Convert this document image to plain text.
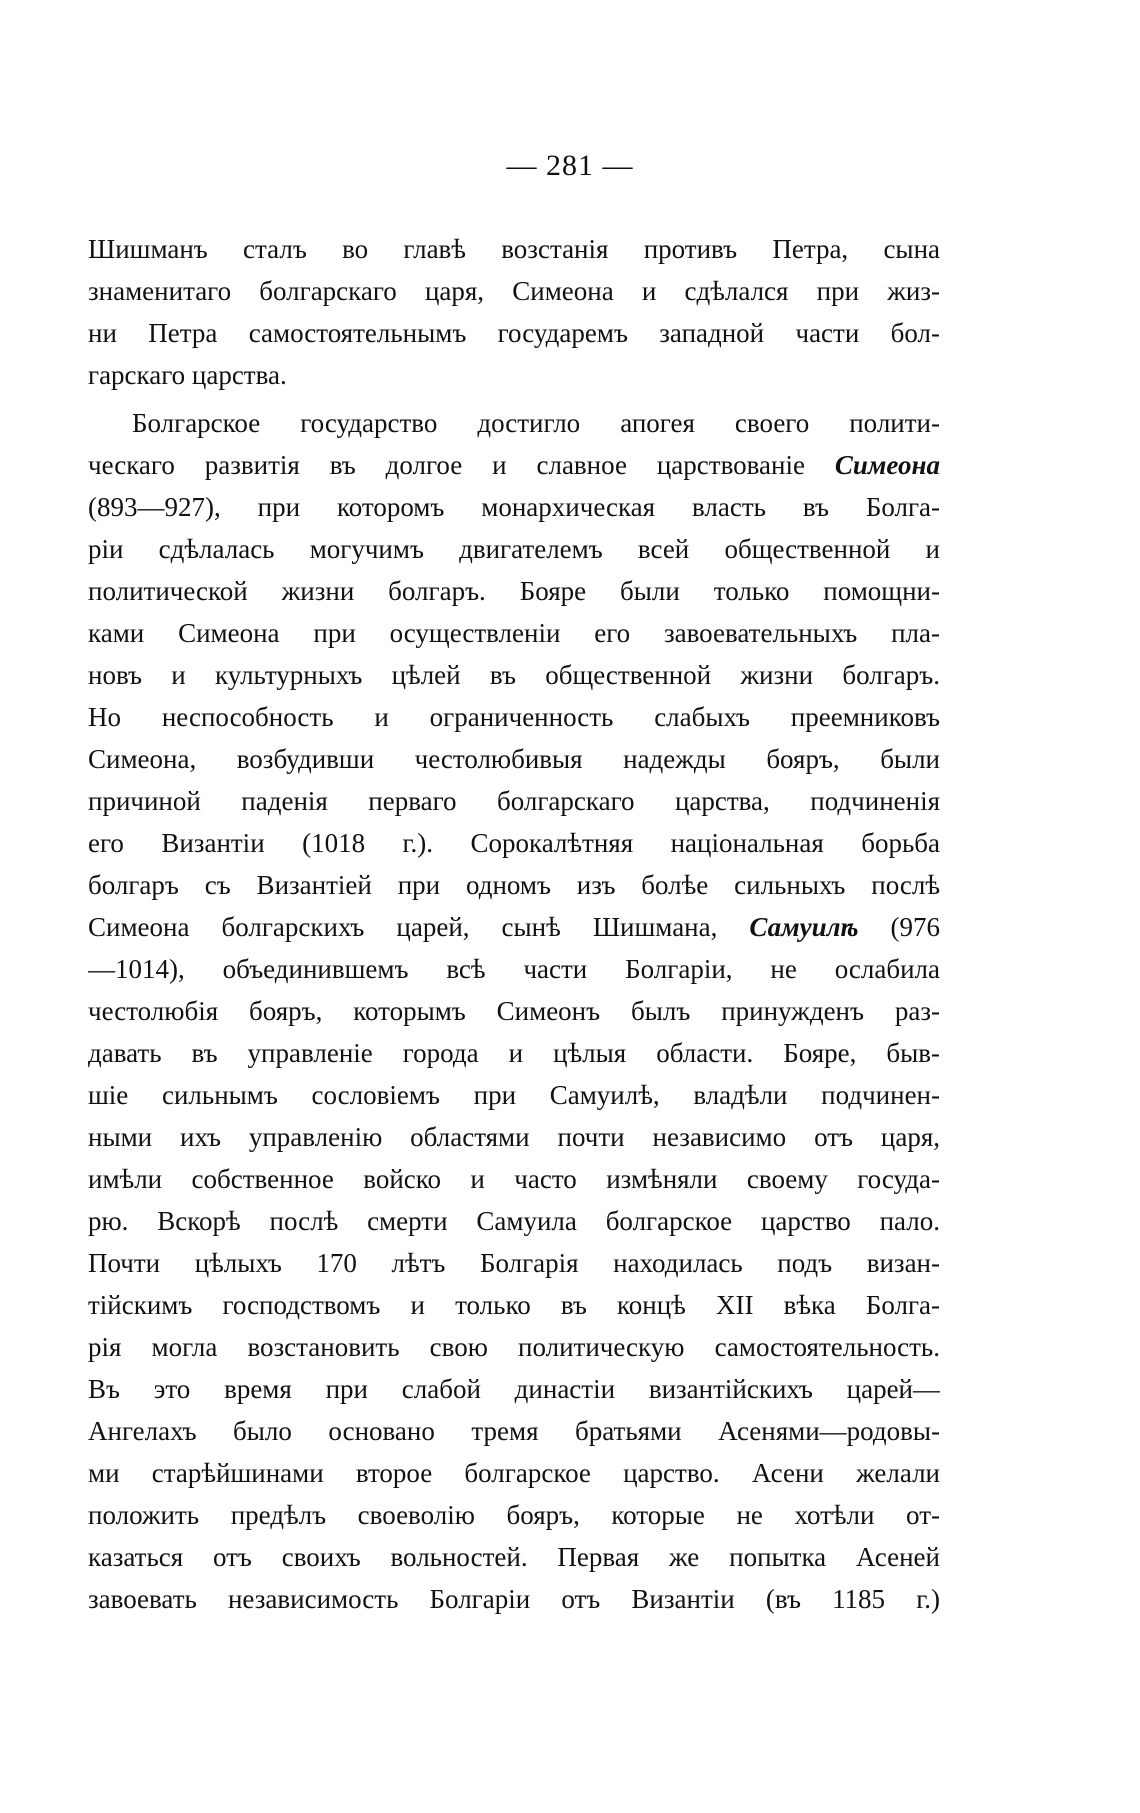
— 281 —
Шишманъ сталъ во главѣ возстанія противъ Петра, сына
знаменитаго болгарскаго царя, Симеона и сдѣлался при жиз-
ни Петра самостоятельнымъ государемъ западной части бол-
гарскаго царства.
Болгарское государство достигло апогея своего полити-
ческаго развитія въ долгое и славное царствованіе Симеона
(893—927), при которомъ монархическая власть въ Болга-
ріи сдѣлалась могучимъ двигателемъ всей общественной и
политической жизни болгаръ. Бояре были только помощни-
ками Симеона при осуществленіи его завоевательныхъ пла-
новъ и культурныхъ цѣлей въ общественной жизни болгаръ.
Но неспособность и ограниченность слабыхъ преемниковъ
Симеона, возбудивши честолюбивыя надежды бояръ, были
причиной паденія перваго болгарскаго царства, подчиненія
его Византіи (1018 г.). Сорокалѣтняя національная борьба
болгаръ съ Византіей при одномъ изъ болѣе сильныхъ послѣ
Симеона болгарскихъ царей, сынѣ Шишмана, Самуилѣ (976
—1014), объединившемъ всѣ части Болгаріи, не ослабила
честолюбія бояръ, которымъ Симеонъ былъ принужденъ раз-
давать въ управленіе города и цѣлыя области. Бояре, быв-
шіе сильнымъ сословіемъ при Самуилѣ, владѣли подчинен-
ными ихъ управленію областями почти независимо отъ царя,
имѣли собственное войско и часто измѣняли своему госуда-
рю. Вскорѣ послѣ смерти Самуила болгарское царство пало.
Почти цѣлыхъ 170 лѣтъ Болгарія находилась подъ визан-
тійскимъ господствомъ и только въ концѣ XII вѣка Болга-
рія могла возстановить свою политическую самостоятельность.
Въ это время при слабой династіи византійскихъ царей—
Ангелахъ было основано тремя братьями Асенями—родовы-
ми старѣйшинами второе болгарское царство. Асени желали
положить предѣлъ своеволію бояръ, которые не хотѣли от-
казаться отъ своихъ вольностей. Первая же попытка Асеней
завоевать независимость Болгаріи отъ Византіи (въ 1185 г.)
